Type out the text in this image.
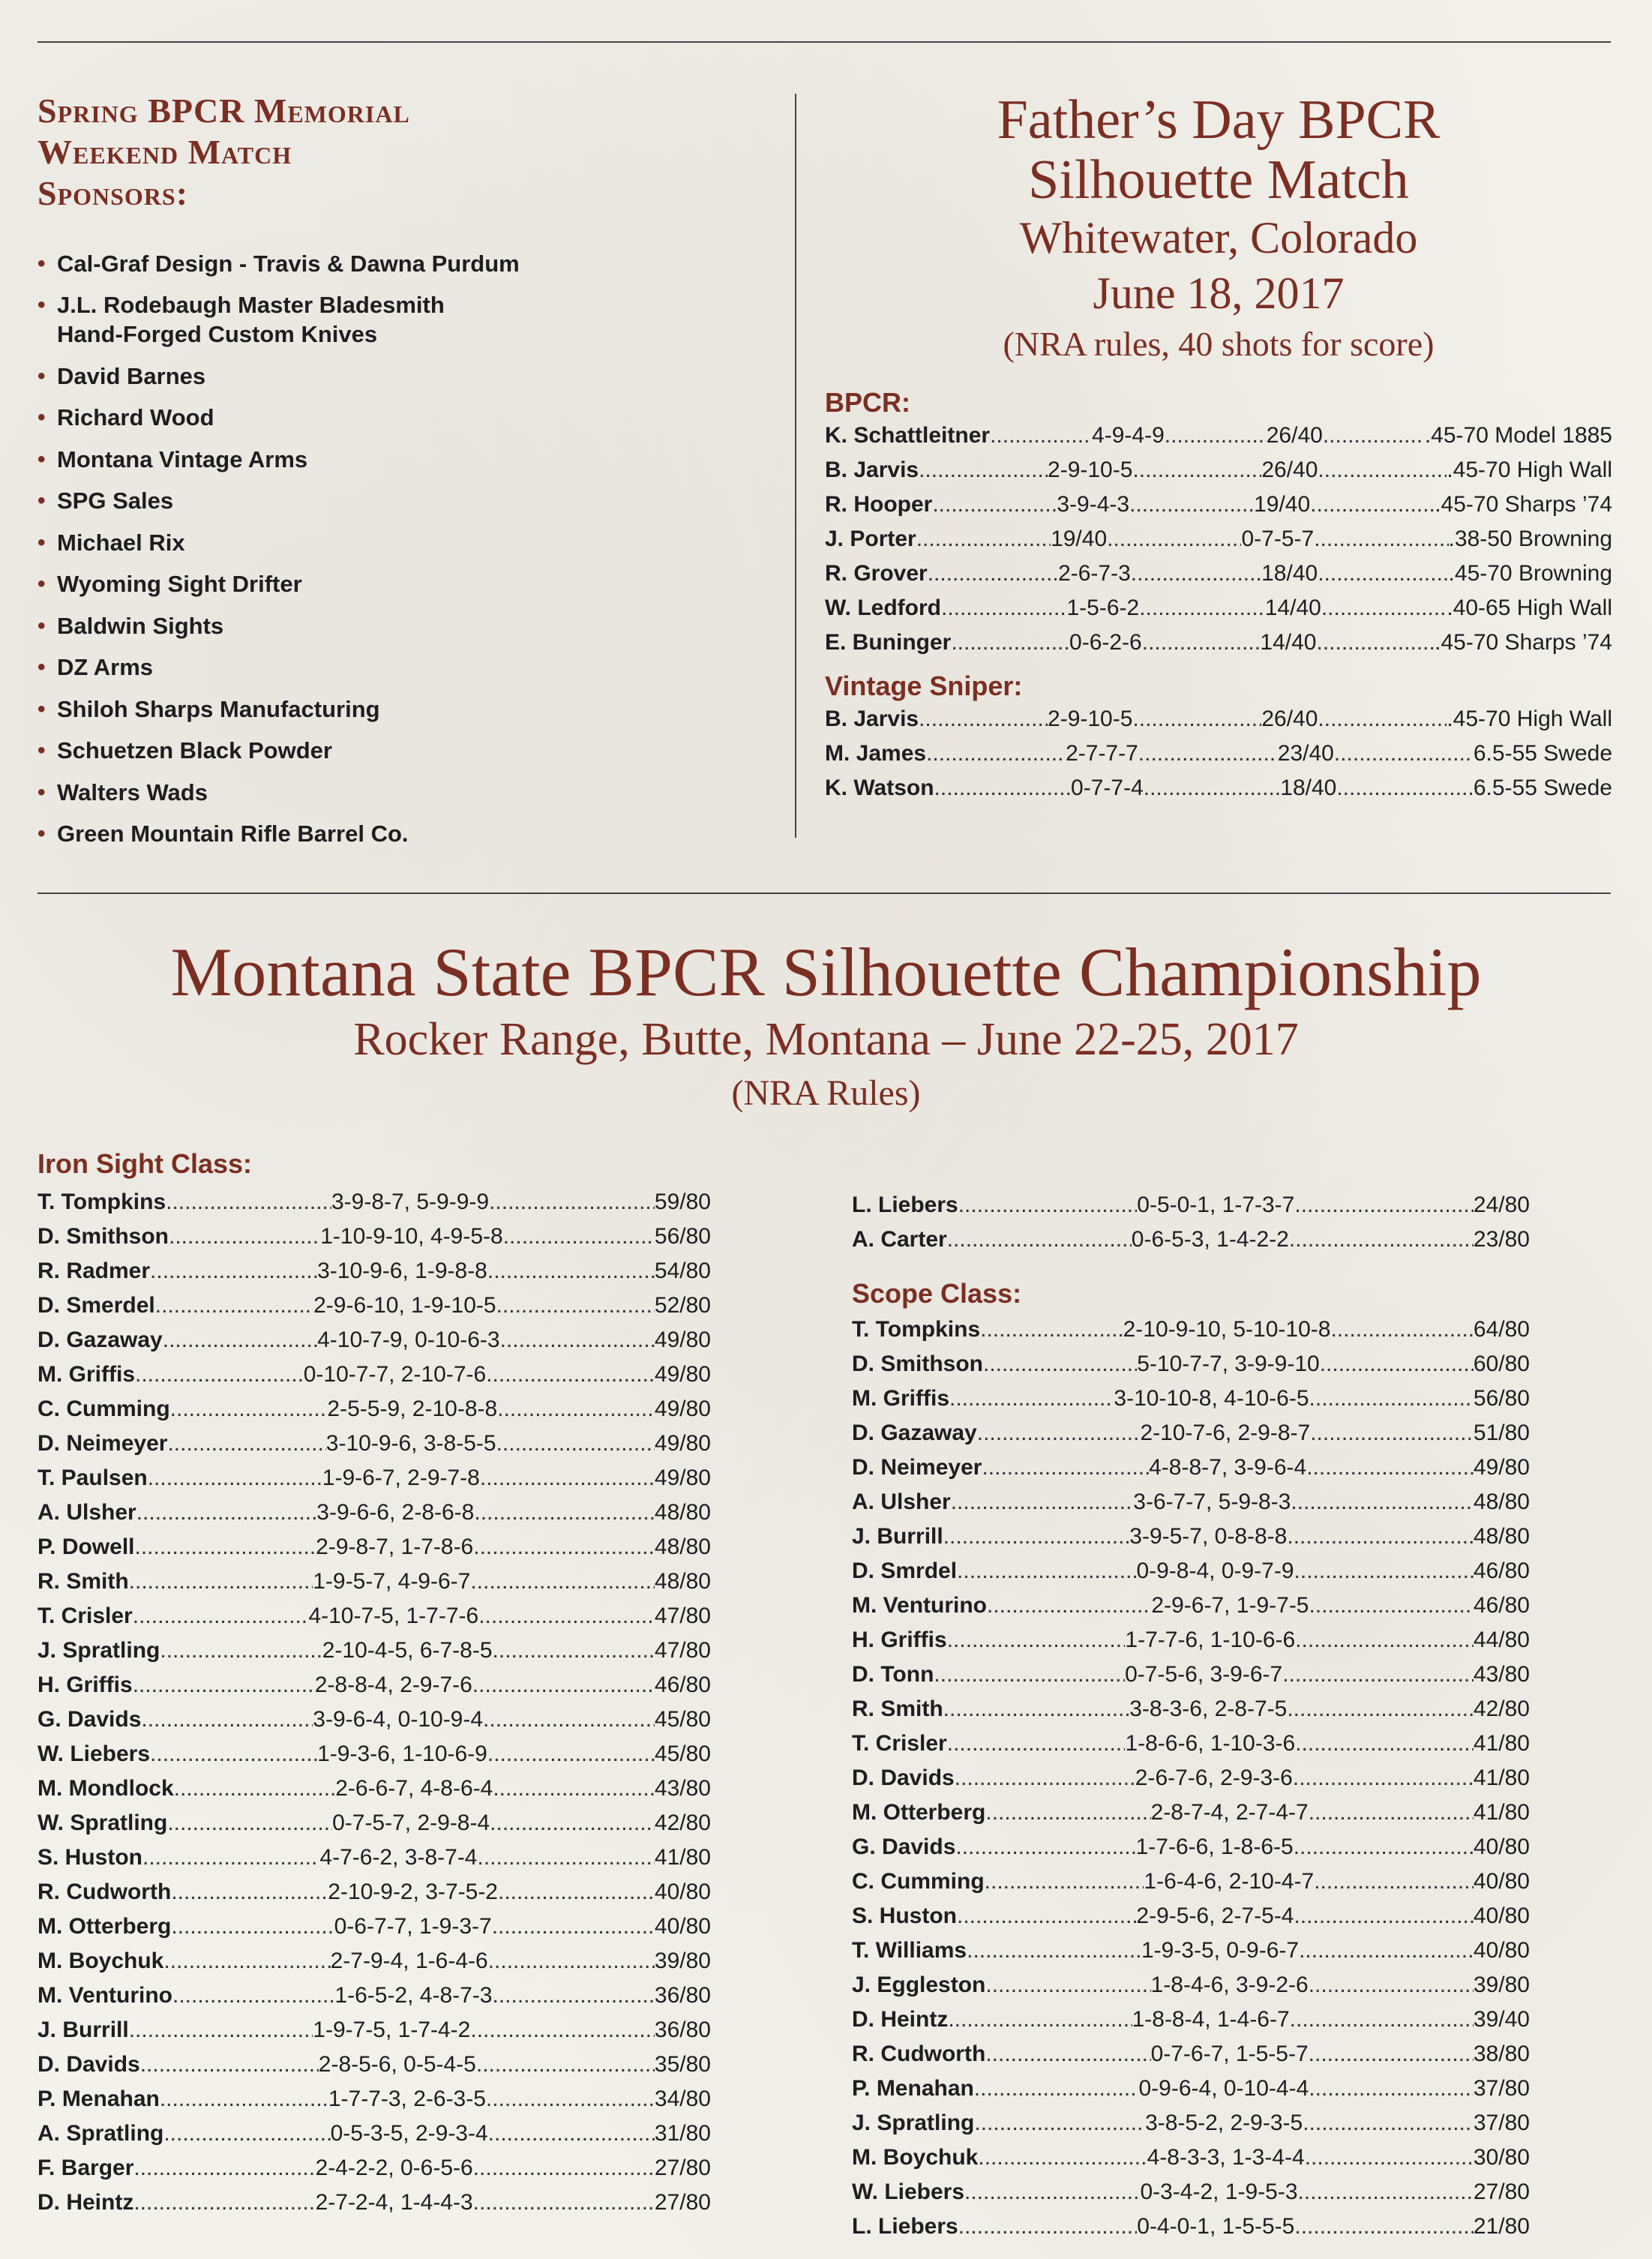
Spring BPCR Memorial
Weekend Match
Sponsors:
• Cal-Graf Design - Travis & Dawna Purdum
• J.L. Rodebaugh Master Bladesmith
Hand-Forged Custom Knives
• David Barnes
• Richard Wood
• Montana Vintage Arms
• SPG Sales
• Michael Rix
• Wyoming Sight Drifter
• Baldwin Sights
• DZ Arms
• Shiloh Sharps Manufacturing
• Schuetzen Black Powder
• Walters Wads
• Green Mountain Rifle Barrel Co.
Father’s Day BPCR
Silhouette Match
Whitewater, Colorado
June 18, 2017
(NRA rules, 40 shots for score)
BPCR:
K. Schattleitner .....	4-9-4-9 .....	26/40 .....	.45-70 Model 1885
B. Jarvis .....	2-9-10-5 .....	26/40 .....	.45-70 High Wall
R. Hooper .....	3-9-4-3 .....	19/40 .....	.45-70 Sharps ’74
J. Porter .....	19/40 .....	0-7-5-7 .....	.38-50 Browning
R. Grover .....	2-6-7-3 .....	18/40 .....	.45-70 Browning
W. Ledford .....	1-5-6-2 .....	14/40 .....	.40-65 High Wall
E. Buninger .....	0-6-2-6 .....	14/40 .....	.45-70 Sharps ’74
Vintage Sniper:
B. Jarvis .....	2-9-10-5 .....	26/40 .....	.45-70 High Wall
M. James .....	2-7-7-7 .....	23/40 .....	6.5-55 Swede
K. Watson .....	0-7-7-4 .....	18/40 .....	6.5-55 Swede
Montana State BPCR Silhouette Championship
Rocker Range, Butte, Montana – June 22-25, 2017
(NRA Rules)
Iron Sight Class:
T. Tompkins .....	3-9-8-7, 5-9-9-9 .....	59/80
D. Smithson .....	1-10-9-10, 4-9-5-8 .....	56/80
R. Radmer .....	3-10-9-6, 1-9-8-8 .....	54/80
D. Smerdel .....	2-9-6-10, 1-9-10-5 .....	52/80
D. Gazaway .....	4-10-7-9, 0-10-6-3 .....	49/80
M. Griffis .....	0-10-7-7, 2-10-7-6 .....	49/80
C. Cumming .....	2-5-5-9, 2-10-8-8 .....	49/80
D. Neimeyer .....	3-10-9-6, 3-8-5-5 .....	49/80
T. Paulsen .....	1-9-6-7, 2-9-7-8 .....	49/80
A. Ulsher .....	3-9-6-6, 2-8-6-8 .....	48/80
P. Dowell .....	2-9-8-7, 1-7-8-6 .....	48/80
R. Smith .....	1-9-5-7, 4-9-6-7 .....	48/80
T. Crisler .....	4-10-7-5, 1-7-7-6 .....	47/80
J. Spratling .....	2-10-4-5, 6-7-8-5 .....	47/80
H. Griffis .....	2-8-8-4, 2-9-7-6 .....	46/80
G. Davids .....	3-9-6-4, 0-10-9-4 .....	45/80
W. Liebers .....	1-9-3-6, 1-10-6-9 .....	45/80
M. Mondlock .....	2-6-6-7, 4-8-6-4 .....	43/80
W. Spratling .....	0-7-5-7, 2-9-8-4 .....	42/80
S. Huston .....	4-7-6-2, 3-8-7-4 .....	41/80
R. Cudworth .....	2-10-9-2, 3-7-5-2 .....	40/80
M. Otterberg .....	0-6-7-7, 1-9-3-7 .....	40/80
M. Boychuk .....	2-7-9-4, 1-6-4-6 .....	39/80
M. Venturino .....	1-6-5-2, 4-8-7-3 .....	36/80
J. Burrill .....	1-9-7-5, 1-7-4-2 .....	36/80
D. Davids .....	2-8-5-6, 0-5-4-5 .....	35/80
P. Menahan .....	1-7-7-3, 2-6-3-5 .....	34/80
A. Spratling .....	0-5-3-5, 2-9-3-4 .....	31/80
F. Barger .....	2-4-2-2, 0-6-5-6 .....	27/80
D. Heintz .....	2-7-2-4, 1-4-4-3 .....	27/80
L. Liebers .....	0-5-0-1, 1-7-3-7 .....	24/80
A. Carter .....	0-6-5-3, 1-4-2-2 .....	23/80
Scope Class:
T. Tompkins .....	2-10-9-10, 5-10-10-8 .....	64/80
D. Smithson .....	5-10-7-7, 3-9-9-10 .....	60/80
M. Griffis .....	3-10-10-8, 4-10-6-5 .....	56/80
D. Gazaway .....	2-10-7-6, 2-9-8-7 .....	51/80
D. Neimeyer .....	4-8-8-7, 3-9-6-4 .....	49/80
A. Ulsher .....	3-6-7-7, 5-9-8-3 .....	48/80
J. Burrill .....	3-9-5-7, 0-8-8-8 .....	48/80
D. Smrdel .....	0-9-8-4, 0-9-7-9 .....	46/80
M. Venturino .....	2-9-6-7, 1-9-7-5 .....	46/80
H. Griffis .....	1-7-7-6, 1-10-6-6 .....	44/80
D. Tonn .....	0-7-5-6, 3-9-6-7 .....	43/80
R. Smith .....	3-8-3-6, 2-8-7-5 .....	42/80
T. Crisler .....	1-8-6-6, 1-10-3-6 .....	41/80
D. Davids .....	2-6-7-6, 2-9-3-6 .....	41/80
M. Otterberg .....	2-8-7-4, 2-7-4-7 .....	41/80
G. Davids .....	1-7-6-6, 1-8-6-5 .....	40/80
C. Cumming .....	1-6-4-6, 2-10-4-7 .....	40/80
S. Huston .....	2-9-5-6, 2-7-5-4 .....	40/80
T. Williams .....	1-9-3-5, 0-9-6-7 .....	40/80
J. Eggleston .....	1-8-4-6, 3-9-2-6 .....	39/80
D. Heintz .....	1-8-8-4, 1-4-6-7 .....	39/40
R. Cudworth .....	0-7-6-7, 1-5-5-7 .....	38/80
P. Menahan .....	0-9-6-4, 0-10-4-4 .....	37/80
J. Spratling .....	3-8-5-2, 2-9-3-5 .....	37/80
M. Boychuk .....	4-8-3-3, 1-3-4-4 .....	30/80
W. Liebers .....	0-3-4-2, 1-9-5-3 .....	27/80
L. Liebers .....	0-4-0-1, 1-5-5-5 .....	21/80
